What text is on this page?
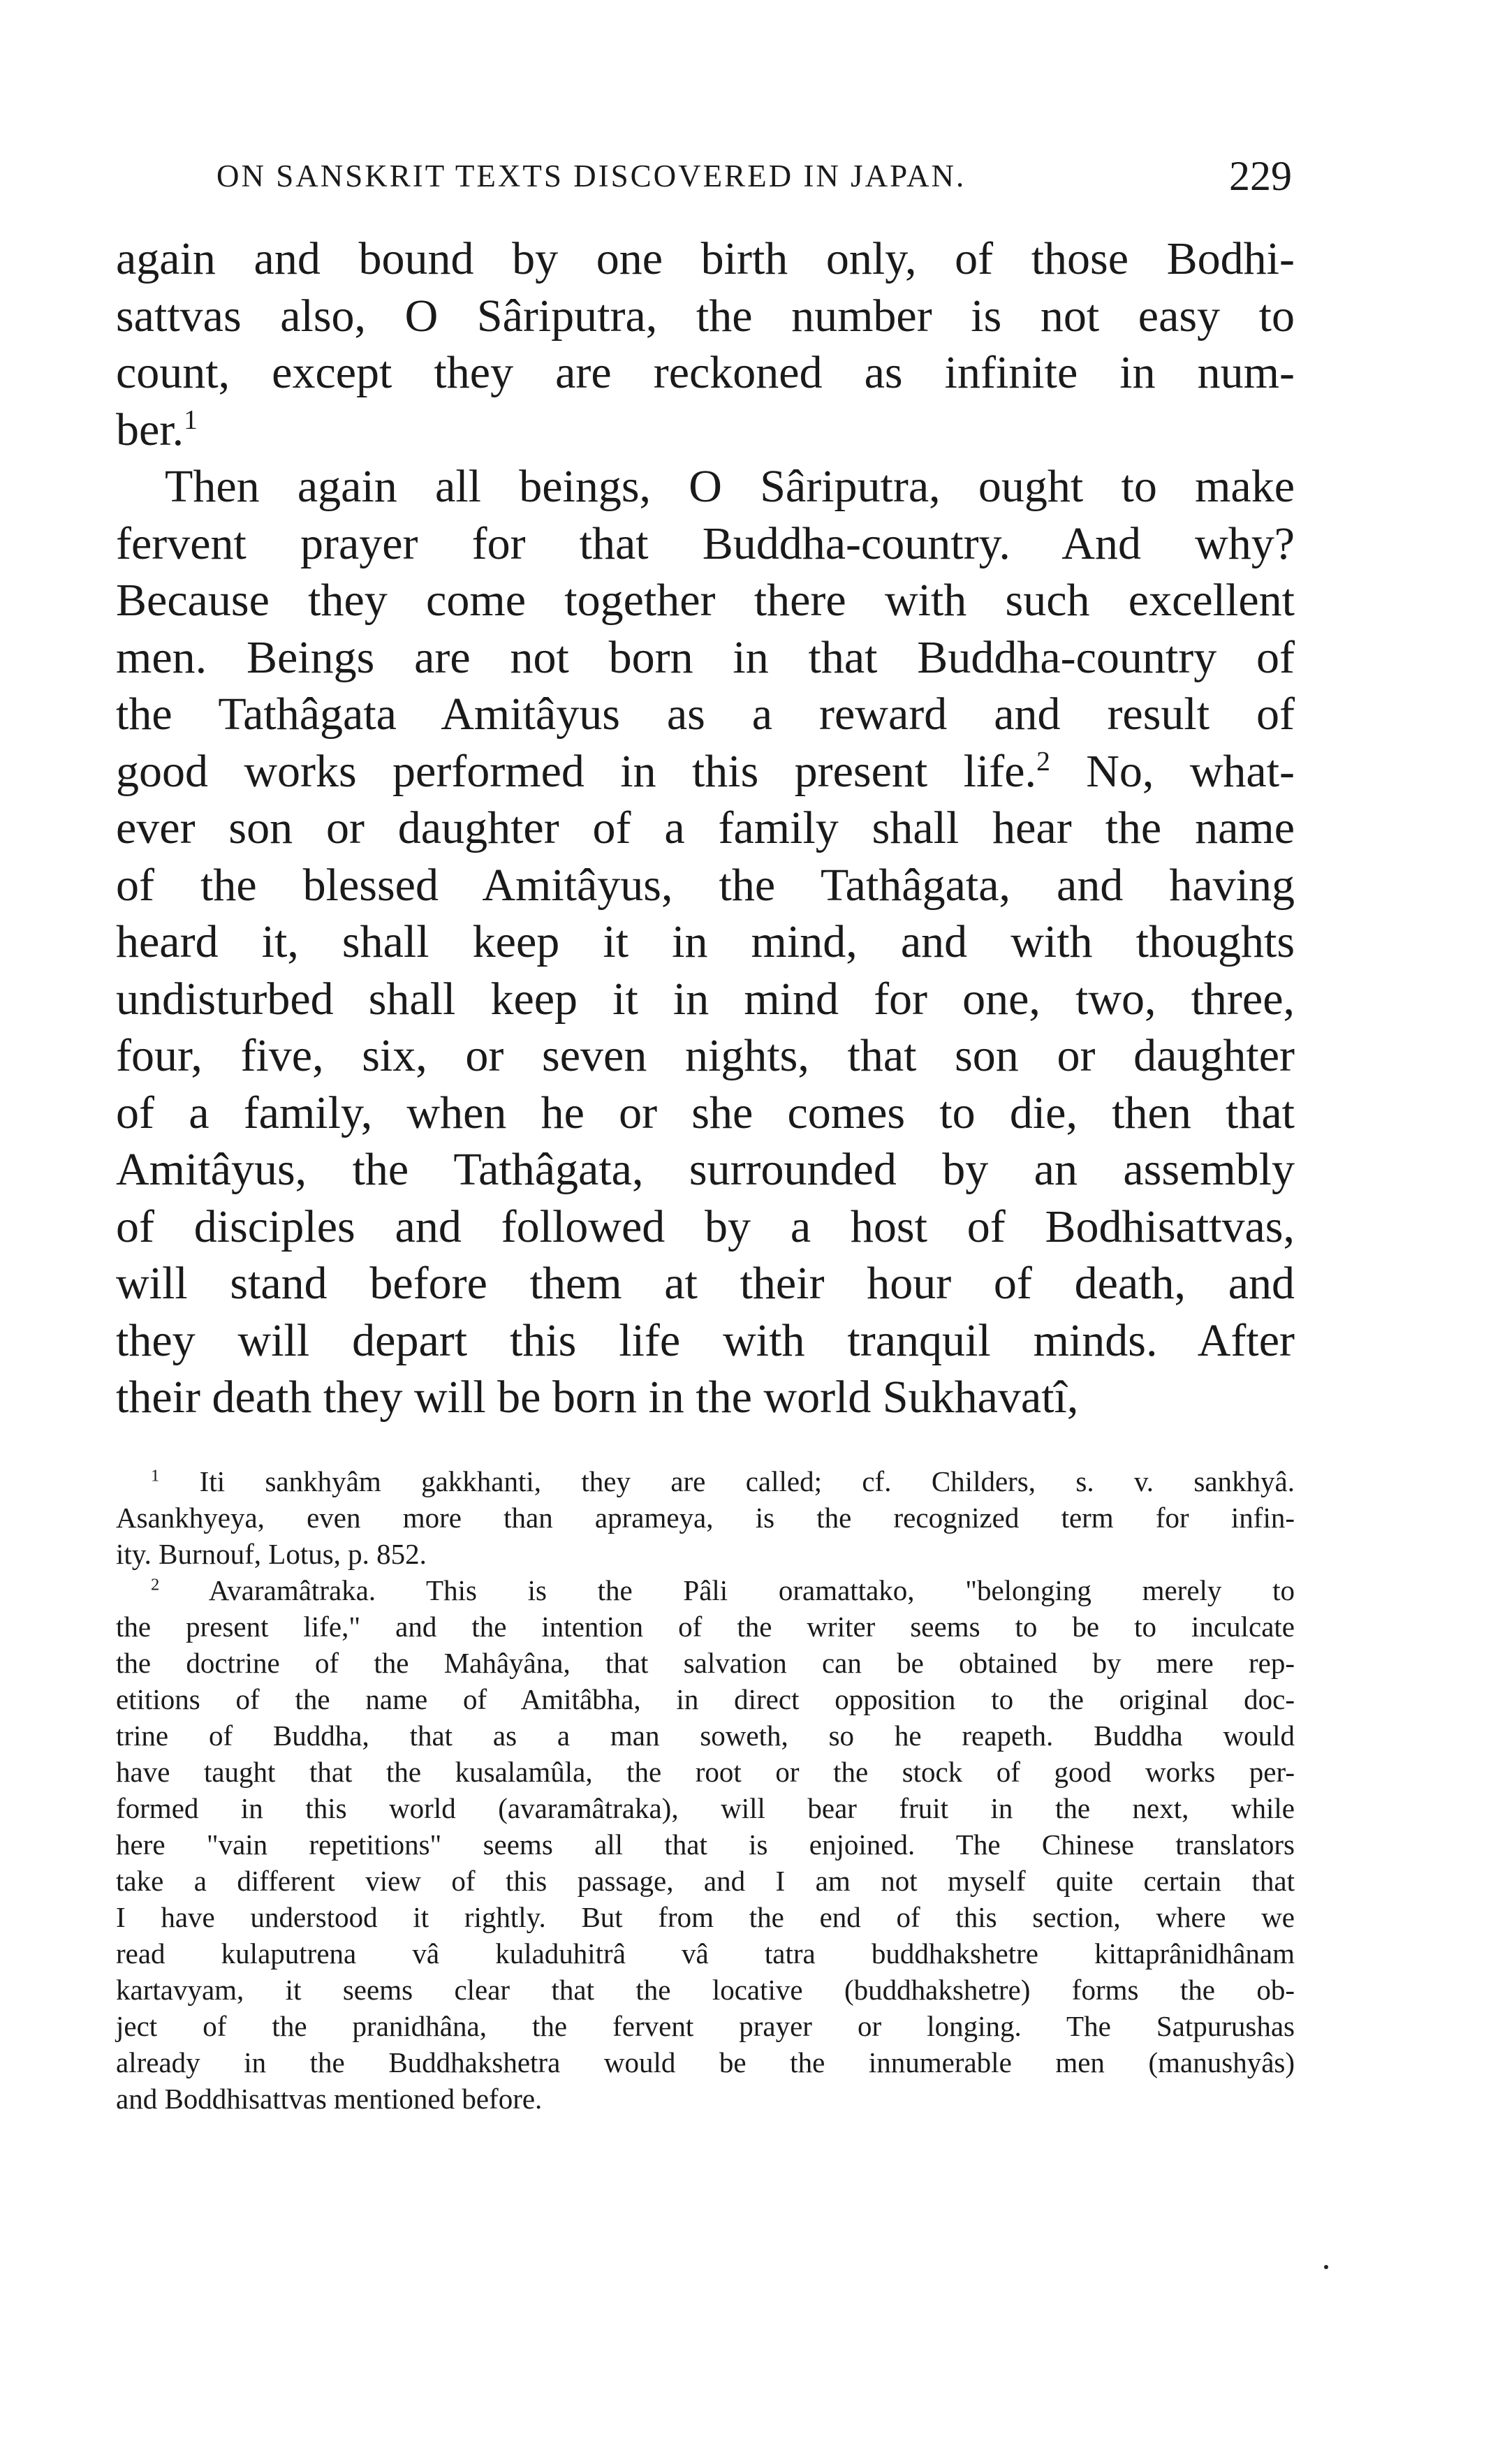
ON SANSKRIT TEXTS DISCOVERED IN JAPAN.	229
again and bound by one birth only, of those Bodhi-
sattvas also, O Sâriputra, the number is not easy to
count, except they are reckoned as infinite in num-
ber.$^1$
Then again all beings, O Sâriputra, ought to make
fervent prayer for that Buddha-country. And why?
Because they come together there with such excellent
men. Beings are not born in that Buddha-country of
the Tathâgata Amitâyus as a reward and result of
good works performed in this present life.$^2$ No, what-
ever son or daughter of a family shall hear the name
of the blessed Amitâyus, the Tathâgata, and having
heard it, shall keep it in mind, and with thoughts
undisturbed shall keep it in mind for one, two, three,
four, five, six, or seven nights, that son or daughter
of a family, when he or she comes to die, then that
Amitâyus, the Tathâgata, surrounded by an assembly
of disciples and followed by a host of Bodhisattvas,
will stand before them at their hour of death, and
they will depart this life with tranquil minds. After
their death they will be born in the world Sukhavatî,
$^1$ Iti sankhyâm gakkhanti, they are called; cf. Childers, s. v. sankhyâ.
Asankhyeya, even more than aprameya, is the recognized term for infin-
ity. Burnouf, Lotus, p. 852.
$^2$ Avaramâtraka. This is the Pâli oramattako, "belonging merely to
the present life," and the intention of the writer seems to be to inculcate
the doctrine of the Mahâyâna, that salvation can be obtained by mere rep-
etitions of the name of Amitâbha, in direct opposition to the original doc-
trine of Buddha, that as a man soweth, so he reapeth. Buddha would
have taught that the kusalamûla, the root or the stock of good works per-
formed in this world (avaramâtraka), will bear fruit in the next, while
here "vain repetitions" seems all that is enjoined. The Chinese translators
take a different view of this passage, and I am not myself quite certain that
I have understood it rightly. But from the end of this section, where we
read kulaputrena vâ kuladuhitrâ vâ tatra buddhakshetre kittaprânidhânam
kartavyam, it seems clear that the locative (buddhakshetre) forms the ob-
ject of the pranidhâna, the fervent prayer or longing. The Satpurushas
already in the Buddhakshetra would be the innumerable men (manushyâs)
and Boddhisattvas mentioned before.
